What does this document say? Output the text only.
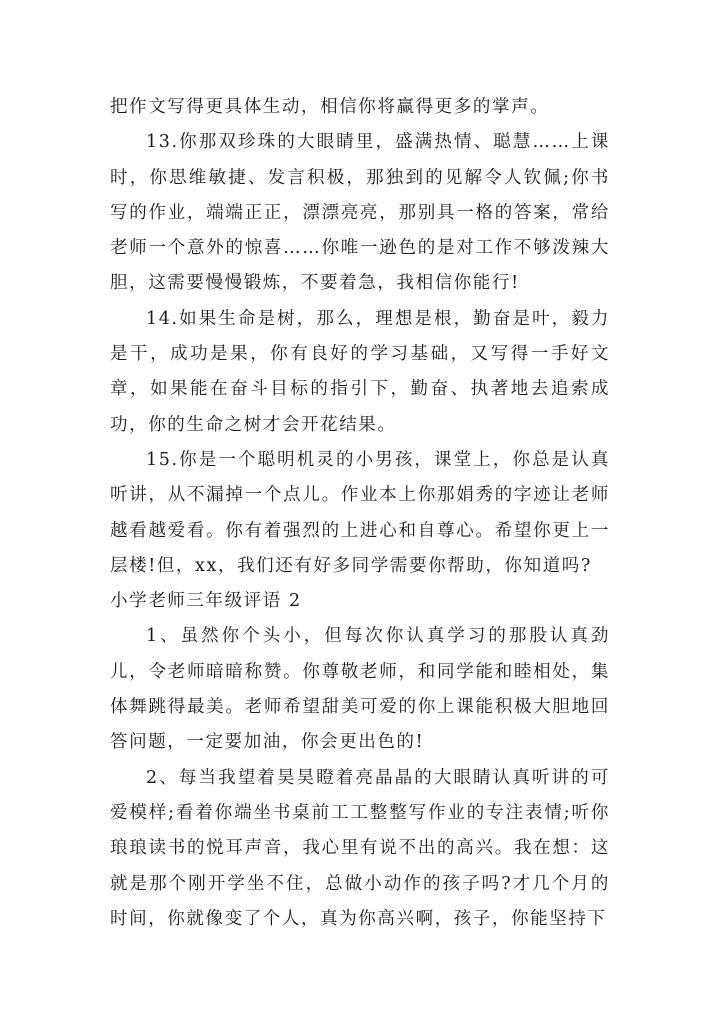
把作文写得更具体生动，相信你将赢得更多的掌声。

13.你那双珍珠的大眼睛里，盛满热情、聪慧……上课时，你思维敏捷、发言积极，那独到的见解令人钦佩;你书写的作业，端端正正，漂漂亮亮，那别具一格的答案，常给老师一个意外的惊喜……你唯一逊色的是对工作不够泼辣大胆，这需要慢慢锻炼，不要着急，我相信你能行!

14.如果生命是树，那么，理想是根，勤奋是叶，毅力是干，成功是果，你有良好的学习基础，又写得一手好文章，如果能在奋斗目标的指引下，勤奋、执著地去追索成功，你的生命之树才会开花结果。

15.你是一个聪明机灵的小男孩，课堂上，你总是认真听讲，从不漏掉一个点儿。作业本上你那娟秀的字迹让老师越看越爱看。你有着强烈的上进心和自尊心。希望你更上一层楼!但，xx，我们还有好多同学需要你帮助，你知道吗?

小学老师三年级评语 2

1、虽然你个头小，但每次你认真学习的那股认真劲儿，令老师暗暗称赞。你尊敬老师，和同学能和睦相处，集体舞跳得最美。老师希望甜美可爱的你上课能积极大胆地回答问题，一定要加油，你会更出色的!

2、每当我望着昊昊瞪着亮晶晶的大眼睛认真听讲的可爱模样;看着你端坐书桌前工工整整写作业的专注表情;听你琅琅读书的悦耳声音，我心里有说不出的高兴。我在想：这就是那个刚开学坐不住，总做小动作的孩子吗?才几个月的时间，你就像变了个人，真为你高兴啊，孩子，你能坚持下
